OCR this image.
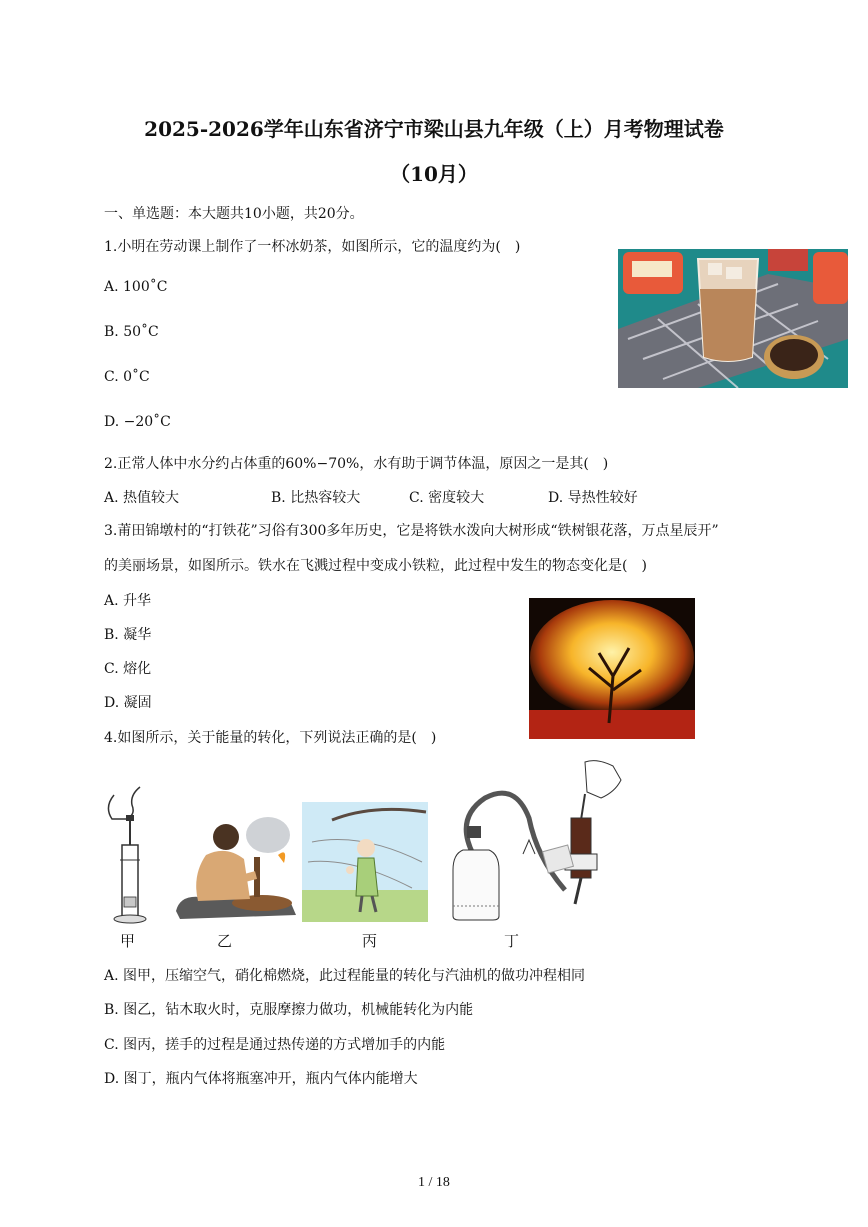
2025-2026学年山东省济宁市梁山县九年级（上）月考物理试卷
（10月）
一、单选题：本大题共10小题，共20分。
1.小明在劳动课上制作了一杯冰奶茶，如图所示，它的温度约为(　)
A. 100˚C
B. 50˚C
C. 0˚C
D. −20˚C
2.正常人体中水分约占体重的60%−70%，水有助于调节体温，原因之一是其(　)
A. 热值较大	B. 比热容较大	C. 密度较大	D. 导热性较好
3.莆田锦墩村的“打铁花”习俗有300多年历史，它是将铁水泼向大树形成“铁树银花落，万点星辰开”
的美丽场景，如图所示。铁水在飞溅过程中变成小铁粒，此过程中发生的物态变化是(　)
A. 升华
B. 凝华
C. 熔化
D. 凝固
4.如图所示，关于能量的转化，下列说法正确的是(　)
甲	乙	丙	丁
A. 图甲，压缩空气，硝化棉燃烧，此过程能量的转化与汽油机的做功冲程相同
B. 图乙，钻木取火时，克服摩擦力做功，机械能转化为内能
C. 图丙，搓手的过程是通过热传递的方式增加手的内能
D. 图丁，瓶内气体将瓶塞冲开，瓶内气体内能增大
1 / 18
